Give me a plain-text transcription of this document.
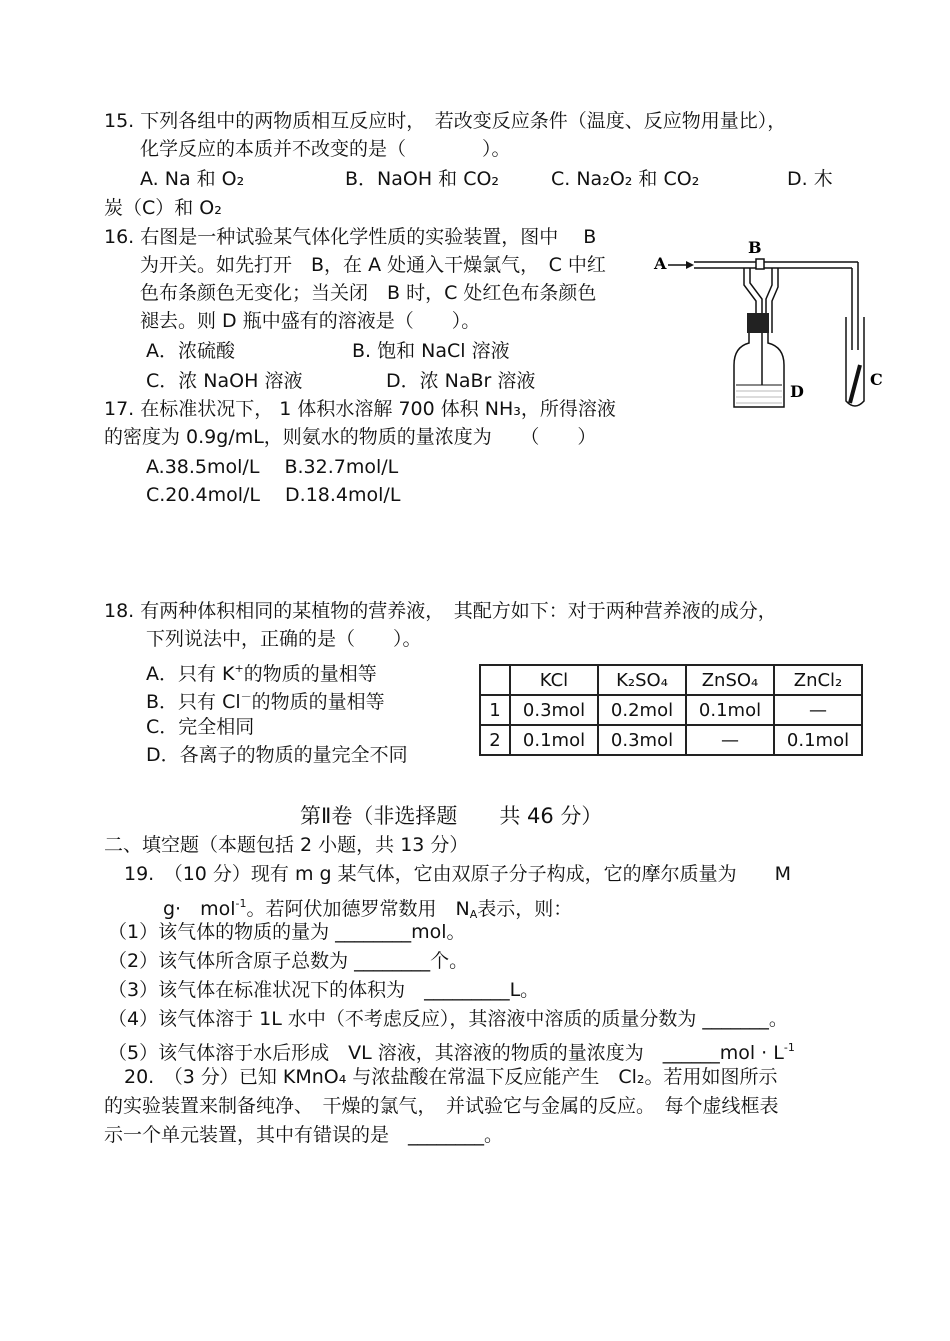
15. 下列各组中的两物质相互反应时，　若改变反应条件（温度、反应物用量比），
化学反应的本质并不改变的是（　　　　）。
A. Na 和 O₂	B．NaOH 和 CO₂	C. Na₂O₂ 和 CO₂	D. 木
炭（C）和 O₂
16. 右图是一种试验某气体化学性质的实验装置，图中　 B
为开关。如先打开　B，在 A 处通入干燥氯气，　C 中红
色布条颜色无变化；当关闭　B 时，C 处红色布条颜色
褪去。则 D 瓶中盛有的溶液是（　　）。
A．浓硫酸	B. 饱和 NaCl 溶液
C．浓 NaOH 溶液	D．浓 NaBr 溶液
A
B
D
C
17. 在标准状况下， 1 体积水溶解 700 体积 NH₃，所得溶液
的密度为 0.9g/mL，则氨水的物质的量浓度为　　（　　）
A.38.5mol/L　 B.32.7mol/L
C.20.4mol/L　 D.18.4mol/L
18. 有两种体积相同的某植物的营养液，　其配方如下：对于两种营养液的成分，
下列说法中，正确的是（　　）。
A．只有 K+的物质的量相等
B．只有 Cl－的物质的量相等
C．完全相同
D．各离子的物质的量完全不同
	KCl	K₂SO₄	ZnSO₄	ZnCl₂
1	0.3mol	0.2mol	0.1mol	—
2	0.1mol	0.3mol	—	0.1mol
第Ⅱ卷（非选择题　　共 46 分）
二、填空题（本题包括 2 小题，共 13 分）
19.　（10 分）现有 m g 某气体，它由双原子分子构成，它的摩尔质量为　　M
g·　mol$^{-1}$。若阿伏加德罗常数用　$N_A$表示，则：
（1）该气体的物质的量为 ________mol。
（2）该气体所含原子总数为 ________个。
（3）该气体在标准状况下的体积为　_________L。
（4）该气体溶于 1L 水中（不考虑反应），其溶液中溶质的质量分数为 _______。
（5）该气体溶于水后形成　VL 溶液，其溶液的物质的量浓度为　______mol · $L^{-1}$
20.　（3 分）已知 KMnO₄ 与浓盐酸在常温下反应能产生　Cl₂。若用如图所示
的实验装置来制备纯净、　干燥的氯气，　并试验它与金属的反应。　每个虚线框表
示一个单元装置，其中有错误的是　________。
